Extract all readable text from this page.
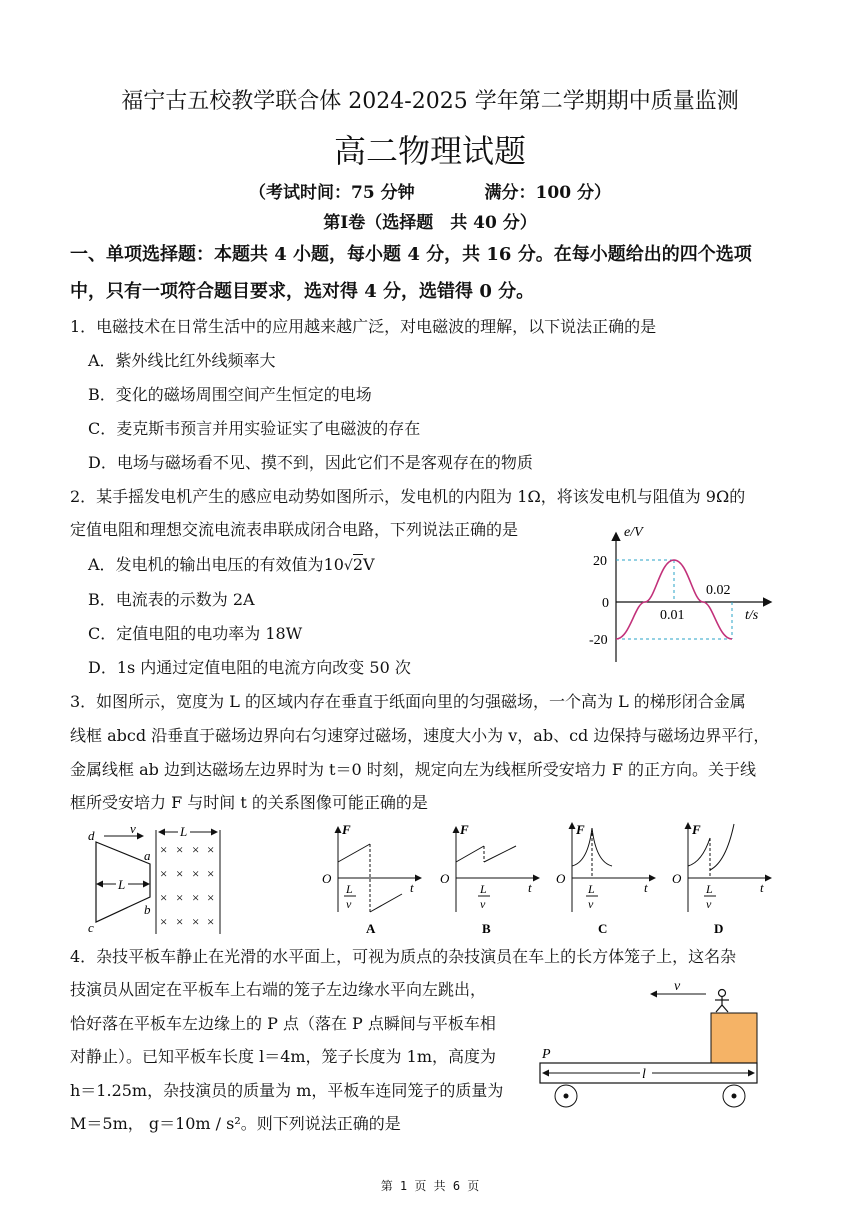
福宁古五校教学联合体 2024-2025 学年第二学期期中质量监测
高二物理试题
（考试时间：75 分钟	满分：100 分）
第Ⅰ卷（选择题　共 40 分）
一、单项选择题：本题共 4 小题，每小题 4 分，共 16 分。在每小题给出的四个选项
中，只有一项符合题目要求，选对得 4 分，选错得 0 分。
1．电磁技术在日常生活中的应用越来越广泛，对电磁波的理解，以下说法正确的是
A．紫外线比红外线频率大
B．变化的磁场周围空间产生恒定的电场
C．麦克斯韦预言并用实验证实了电磁波的存在
D．电场与磁场看不见、摸不到，因此它们不是客观存在的物质
2．某手摇发电机产生的感应电动势如图所示，发电机的内阻为 1Ω，将该发电机与阻值为 9Ω的
定值电阻和理想交流电流表串联成闭合电路，下列说法正确的是
A．发电机的输出电压的有效值为10√2V
B．电流表的示数为 2A
C．定值电阻的电功率为 18W
D．1s 内通过定值电阻的电流方向改变 50 次
e/V
20
0
-20
0.01
0.02
t/s
3．如图所示，宽度为 L 的区域内存在垂直于纸面向里的匀强磁场，一个高为 L 的梯形闭合金属
线框 abcd 沿垂直于磁场边界向右匀速穿过磁场，速度大小为 v，ab、cd 边保持与磁场边界平行，
金属线框 ab 边到达磁场左边界时为 t＝0 时刻，规定向左为线框所受安培力 F 的正方向。关于线
框所受安培力 F 与时间 t 的关系图像可能正确的是
L
L
d
a
b
c
v
× × × ×
× × × ×
× × × ×
× × × ×
F
O
t
L
v
A
F
O
t
L
v
B
F
O
t
L
v
C
F
O
t
L
v
D
4．杂技平板车静止在光滑的水平面上，可视为质点的杂技演员在车上的长方体笼子上，这名杂
技演员从固定在平板车上右端的笼子左边缘水平向左跳出，
恰好落在平板车左边缘上的 P 点（落在 P 点瞬间与平板车相
对静止）。已知平板车长度 l＝4m，笼子长度为 1m，高度为
h＝1.25m，杂技演员的质量为 m，平板车连同笼子的质量为
M＝5m， g＝10m / s²。则下列说法正确的是
v
l
P
第 1 页 共 6 页
